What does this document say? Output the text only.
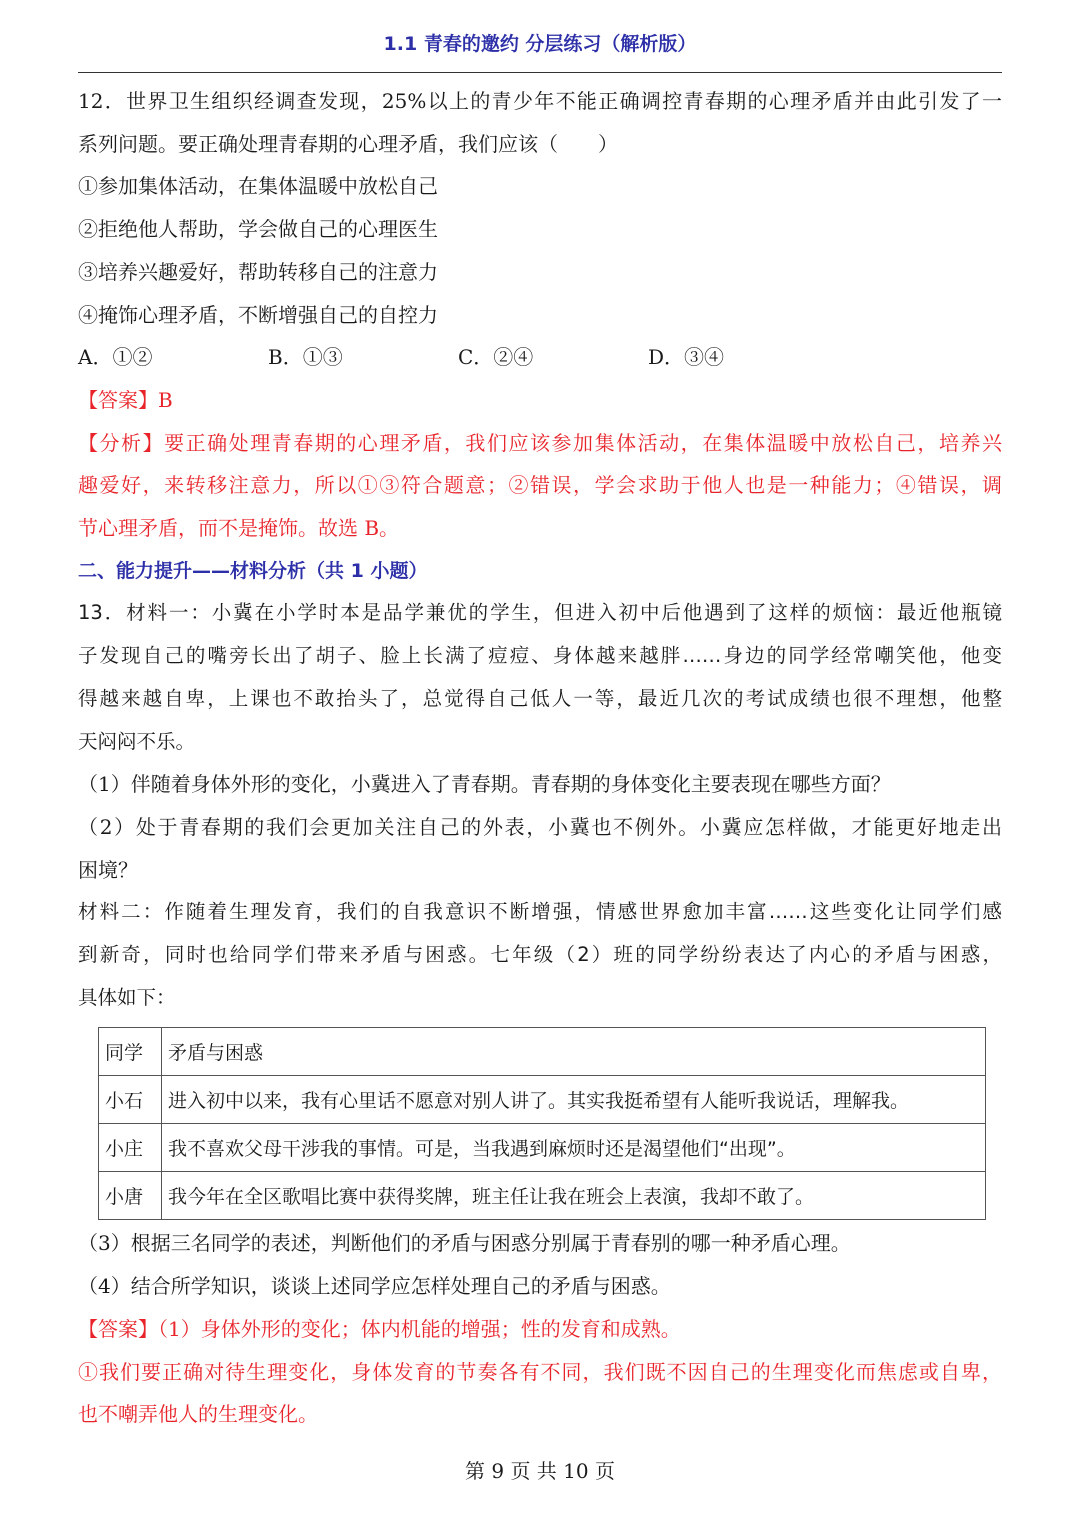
1.1 青春的邀约 分层练习（解析版）
12．世界卫生组织经调查发现，25%以上的青少年不能正确调控青春期的心理矛盾并由此引发了一
系列问题。要正确处理青春期的心理矛盾，我们应该（　　）
①参加集体活动，在集体温暖中放松自己
②拒绝他人帮助，学会做自己的心理医生
③培养兴趣爱好，帮助转移自己的注意力
④掩饰心理矛盾，不断增强自己的自控力
A．①②	B．①③	C．②④	D．③④
【答案】B
【分析】要正确处理青春期的心理矛盾，我们应该参加集体活动，在集体温暖中放松自己，培养兴
趣爱好，来转移注意力，所以①③符合题意；②错误，学会求助于他人也是一种能力；④错误，调
节心理矛盾，而不是掩饰。故选 B。
二、能力提升——材料分析（共 1 小题）
13．材料一：小冀在小学时本是品学兼优的学生，但进入初中后他遇到了这样的烦恼：最近他瓶镜
子发现自己的嘴旁长出了胡子、脸上长满了痘痘、身体越来越胖……身边的同学经常嘲笑他，他变
得越来越自卑，上课也不敢抬头了，总觉得自己低人一等，最近几次的考试成绩也很不理想，他整
天闷闷不乐。
（1）伴随着身体外形的变化，小冀进入了青春期。青春期的身体变化主要表现在哪些方面？
（2）处于青春期的我们会更加关注自己的外表，小冀也不例外。小冀应怎样做，才能更好地走出
困境？
材料二：作随着生理发育，我们的自我意识不断增强，情感世界愈加丰富……这些变化让同学们感
到新奇，同时也给同学们带来矛盾与困惑。七年级（2）班的同学纷纷表达了内心的矛盾与困惑，
具体如下：
同学	矛盾与困惑
小石	进入初中以来，我有心里话不愿意对别人讲了。其实我挺希望有人能听我说话，理解我。
小庄	我不喜欢父母干涉我的事情。可是，当我遇到麻烦时还是渴望他们“出现”。
小唐	我今年在全区歌唱比赛中获得奖牌，班主任让我在班会上表演，我却不敢了。
（3）根据三名同学的表述，判断他们的矛盾与困惑分别属于青春别的哪一种矛盾心理。
（4）结合所学知识，谈谈上述同学应怎样处理自己的矛盾与困惑。
【答案】（1）身体外形的变化；体内机能的增强；性的发育和成熟。
①我们要正确对待生理变化，身体发育的节奏各有不同，我们既不因自己的生理变化而焦虑或自卑，
也不嘲弄他人的生理变化。
第 9 页 共 10 页
